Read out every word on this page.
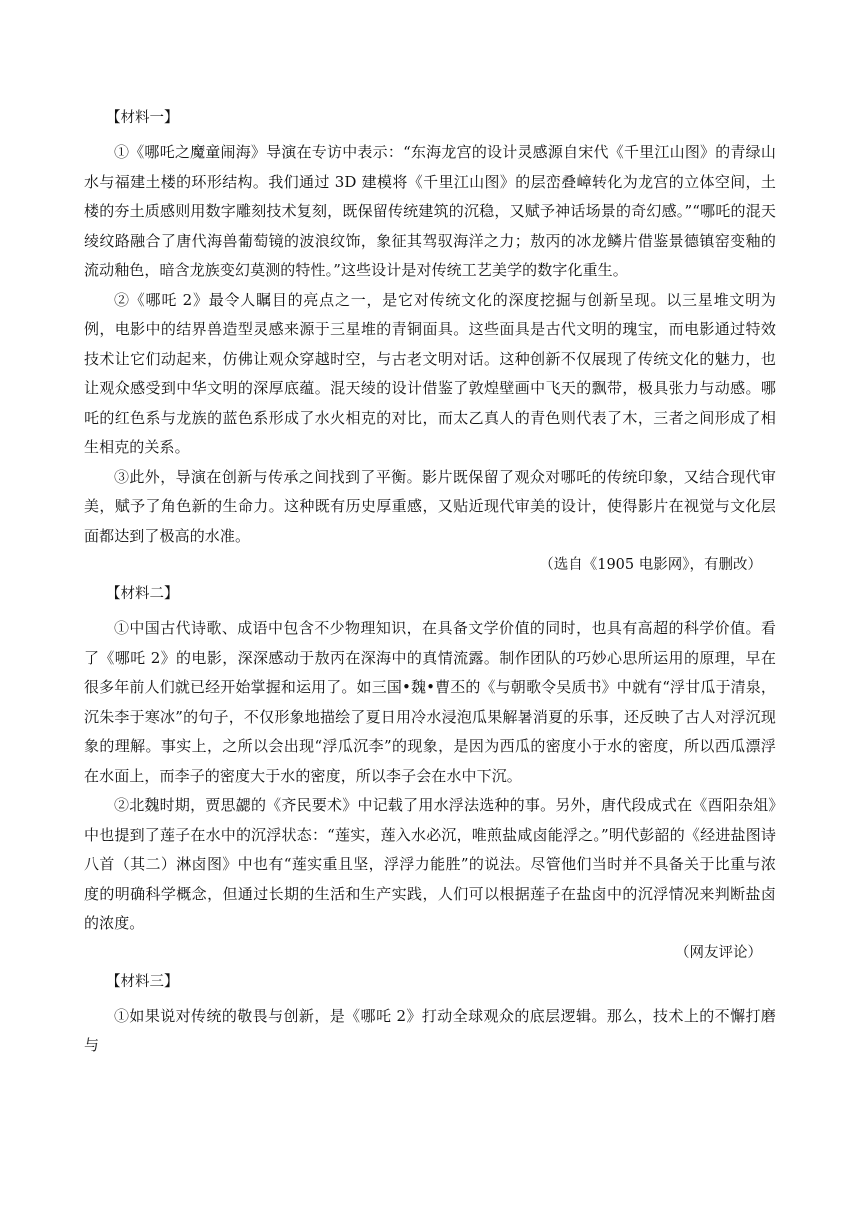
【材料一】

①《哪吒之魔童闹海》导演在专访中表示：“东海龙宫的设计灵感源自宋代《千里江山图》的青绿山水与福建土楼的环形结构。我们通过 3D 建模将《千里江山图》的层峦叠嶂转化为龙宫的立体空间，土楼的夯土质感则用数字雕刻技术复刻，既保留传统建筑的沉稳，又赋予神话场景的奇幻感。”“哪吒的混天绫纹路融合了唐代海兽葡萄镜的波浪纹饰，象征其驾驭海洋之力；敖丙的冰龙鳞片借鉴景德镇窑变釉的流动釉色，暗含龙族变幻莫测的特性。”这些设计是对传统工艺美学的数字化重生。

②《哪吒 2》最令人瞩目的亮点之一，是它对传统文化的深度挖掘与创新呈现。以三星堆文明为例，电影中的结界兽造型灵感来源于三星堆的青铜面具。这些面具是古代文明的瑰宝，而电影通过特效技术让它们动起来，仿佛让观众穿越时空，与古老文明对话。这种创新不仅展现了传统文化的魅力，也让观众感受到中华文明的深厚底蕴。混天绫的设计借鉴了敦煌壁画中飞天的飘带，极具张力与动感。哪吒的红色系与龙族的蓝色系形成了水火相克的对比，而太乙真人的青色则代表了木，三者之间形成了相生相克的关系。

③此外，导演在创新与传承之间找到了平衡。影片既保留了观众对哪吒的传统印象，又结合现代审美，赋予了角色新的生命力。这种既有历史厚重感，又贴近现代审美的设计，使得影片在视觉与文化层面都达到了极高的水准。

（选自《1905 电影网》，有删改）
【材料二】

①中国古代诗歌、成语中包含不少物理知识，在具备文学价值的同时，也具有高超的科学价值。看了《哪吒 2》的电影，深深感动于敖丙在深海中的真情流露。制作团队的巧妙心思所运用的原理，早在很多年前人们就已经开始掌握和运用了。如三国•魏•曹丕的《与朝歌令吴质书》中就有“浮甘瓜于清泉，沉朱李于寒冰”的句子，不仅形象地描绘了夏日用冷水浸泡瓜果解暑消夏的乐事，还反映了古人对浮沉现象的理解。事实上，之所以会出现“浮瓜沉李”的现象，是因为西瓜的密度小于水的密度，所以西瓜漂浮在水面上，而李子的密度大于水的密度，所以李子会在水中下沉。

②北魏时期，贾思勰的《齐民要术》中记载了用水浮法选种的事。另外，唐代段成式在《酉阳杂俎》中也提到了莲子在水中的沉浮状态：“莲实，莲入水必沉，唯煎盐咸卤能浮之。”明代彭韶的《经进盐图诗八首（其二）淋卤图》中也有“莲实重且坚，浮浮力能胜”的说法。尽管他们当时并不具备关于比重与浓度的明确科学概念，但通过长期的生活和生产实践，人们可以根据莲子在盐卤中的沉浮情况来判断盐卤的浓度。

（网友评论）
【材料三】

①如果说对传统的敬畏与创新，是《哪吒 2》打动全球观众的底层逻辑。那么，技术上的不懈打磨与
